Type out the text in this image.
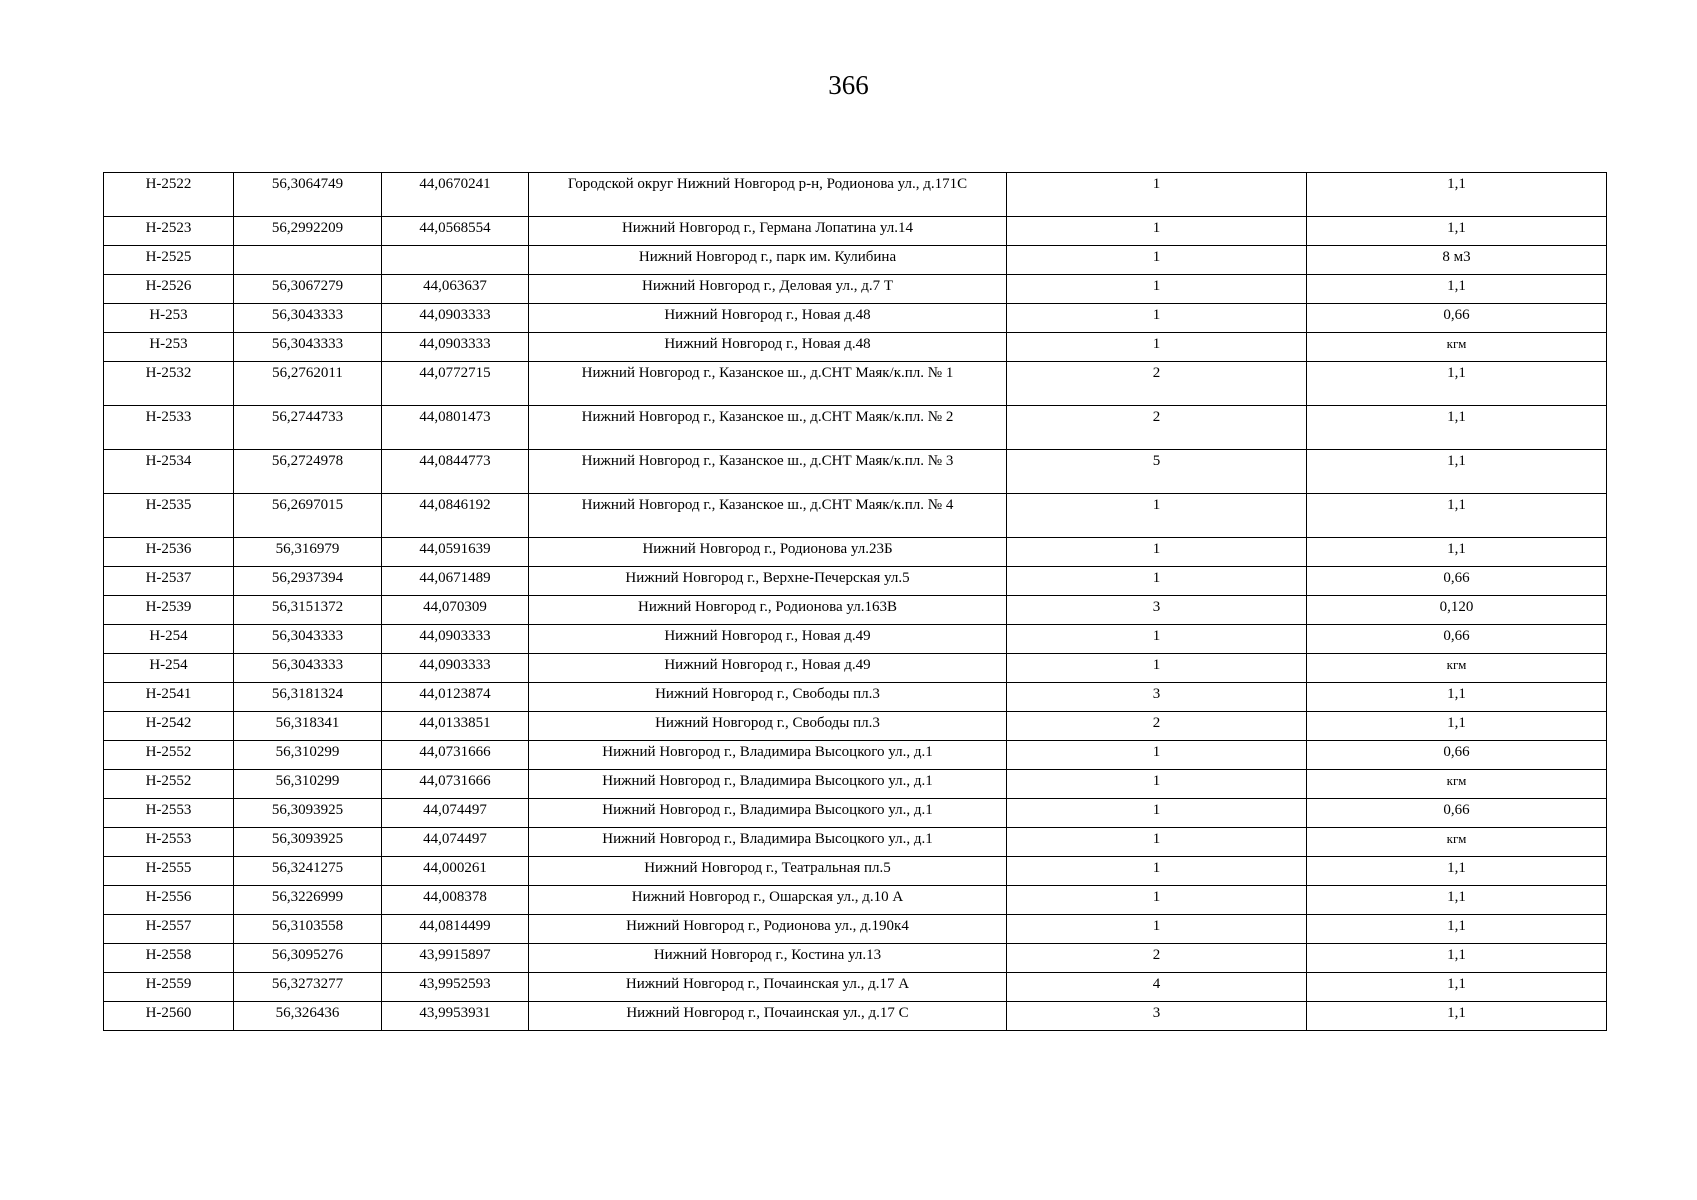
366
Н-2522	56,3064749	44,0670241	Городской округ Нижний Новгород р-н, Родионова ул., д.171С	1	1,1
Н-2523	56,2992209	44,0568554	Нижний Новгород г., Германа Лопатина ул.14	1	1,1
Н-2525			Нижний Новгород г., парк им. Кулибина	1	8 м3
Н-2526	56,3067279	44,063637	Нижний Новгород г., Деловая ул., д.7 Т	1	1,1
Н-253	56,3043333	44,0903333	Нижний Новгород г., Новая д.48	1	0,66
Н-253	56,3043333	44,0903333	Нижний Новгород г., Новая д.48	1	кгм
Н-2532	56,2762011	44,0772715	Нижний Новгород г., Казанское ш., д.СНТ Маяк/к.пл. № 1	2	1,1
Н-2533	56,2744733	44,0801473	Нижний Новгород г., Казанское ш., д.СНТ Маяк/к.пл. № 2	2	1,1
Н-2534	56,2724978	44,0844773	Нижний Новгород г., Казанское ш., д.СНТ Маяк/к.пл. № 3	5	1,1
Н-2535	56,2697015	44,0846192	Нижний Новгород г., Казанское ш., д.СНТ Маяк/к.пл. № 4	1	1,1
Н-2536	56,316979	44,0591639	Нижний Новгород г., Родионова ул.23Б	1	1,1
Н-2537	56,2937394	44,0671489	Нижний Новгород г., Верхне-Печерская ул.5	1	0,66
Н-2539	56,3151372	44,070309	Нижний Новгород г., Родионова ул.163В	3	0,120
Н-254	56,3043333	44,0903333	Нижний Новгород г., Новая д.49	1	0,66
Н-254	56,3043333	44,0903333	Нижний Новгород г., Новая д.49	1	кгм
Н-2541	56,3181324	44,0123874	Нижний Новгород г., Свободы пл.3	3	1,1
Н-2542	56,318341	44,0133851	Нижний Новгород г., Свободы пл.3	2	1,1
Н-2552	56,310299	44,0731666	Нижний Новгород г., Владимира Высоцкого ул., д.1	1	0,66
Н-2552	56,310299	44,0731666	Нижний Новгород г., Владимира Высоцкого ул., д.1	1	кгм
Н-2553	56,3093925	44,074497	Нижний Новгород г., Владимира Высоцкого ул., д.1	1	0,66
Н-2553	56,3093925	44,074497	Нижний Новгород г., Владимира Высоцкого ул., д.1	1	кгм
Н-2555	56,3241275	44,000261	Нижний Новгород г., Театральная пл.5	1	1,1
Н-2556	56,3226999	44,008378	Нижний Новгород г., Ошарская ул., д.10 А	1	1,1
Н-2557	56,3103558	44,0814499	Нижний Новгород г., Родионова ул., д.190к4	1	1,1
Н-2558	56,3095276	43,9915897	Нижний Новгород г., Костина ул.13	2	1,1
Н-2559	56,3273277	43,9952593	Нижний Новгород г., Почаинская ул., д.17 А	4	1,1
Н-2560	56,326436	43,9953931	Нижний Новгород г., Почаинская ул., д.17 С	3	1,1
